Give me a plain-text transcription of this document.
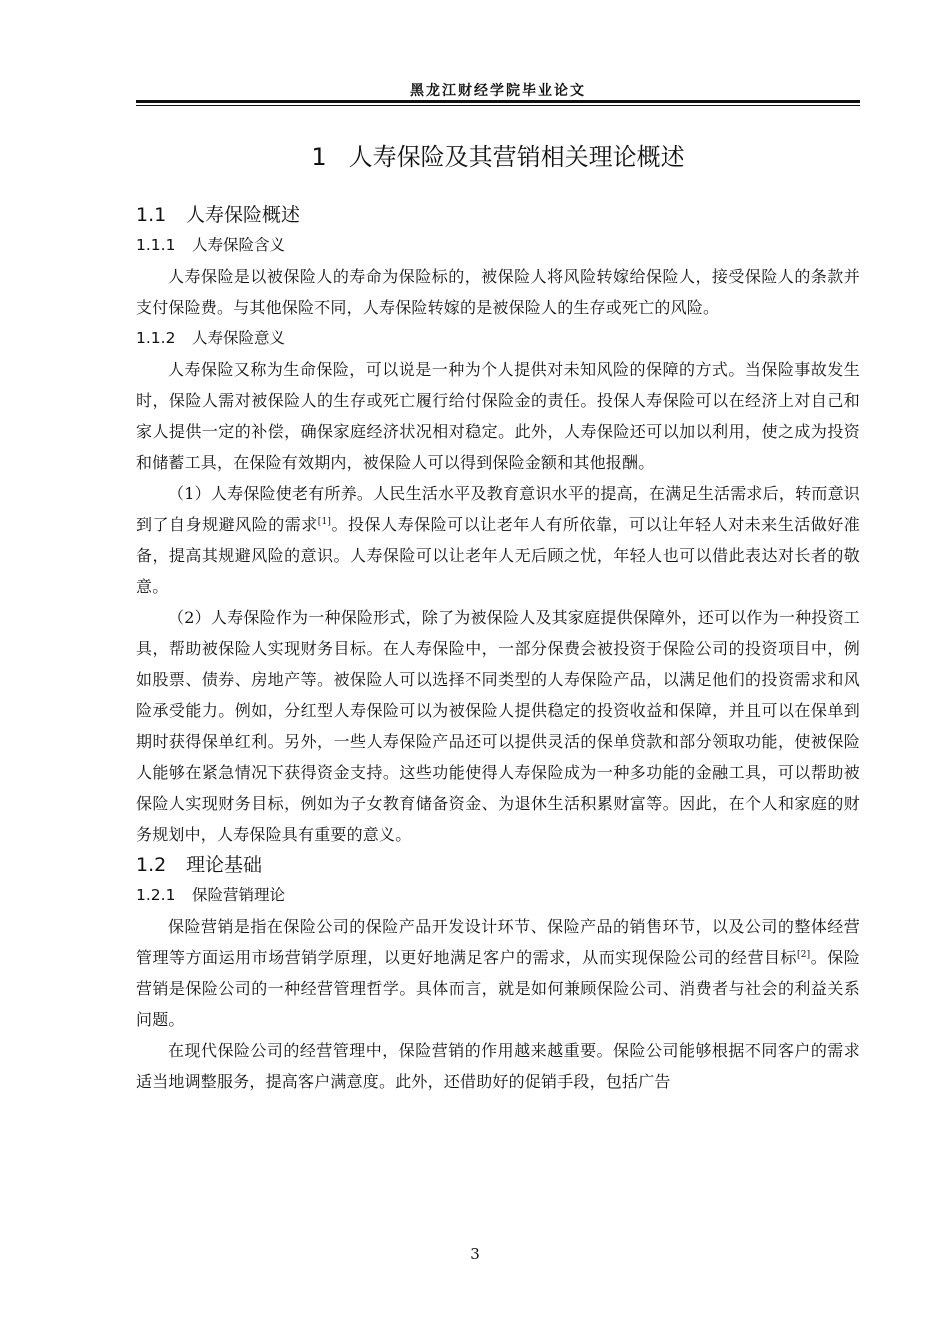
黑龙江财经学院毕业论文
1 人寿保险及其营销相关理论概述
1.1 人寿保险概述
1.1.1 人寿保险含义

人寿保险是以被保险人的寿命为保险标的，被保险人将风险转嫁给保险人，接受保险人的条款并支付保险费。与其他保险不同，人寿保险转嫁的是被保险人的生存或死亡的风险。

1.1.2 人寿保险意义

人寿保险又称为生命保险，可以说是一种为个人提供对未知风险的保障的方式。当保险事故发生时，保险人需对被保险人的生存或死亡履行给付保险金的责任。投保人寿保险可以在经济上对自己和家人提供一定的补偿，确保家庭经济状况相对稳定。此外，人寿保险还可以加以利用，使之成为投资和储蓄工具，在保险有效期内，被保险人可以得到保险金额和其他报酬。

（1）人寿保险使老有所养。人民生活水平及教育意识水平的提高，在满足生活需求后，转而意识到了自身规避风险的需求[1]。投保人寿保险可以让老年人有所依靠，可以让年轻人对未来生活做好准备，提高其规避风险的意识。人寿保险可以让老年人无后顾之忧，年轻人也可以借此表达对长者的敬意。

（2）人寿保险作为一种保险形式，除了为被保险人及其家庭提供保障外，还可以作为一种投资工具，帮助被保险人实现财务目标。在人寿保险中，一部分保费会被投资于保险公司的投资项目中，例如股票、债券、房地产等。被保险人可以选择不同类型的人寿保险产品，以满足他们的投资需求和风险承受能力。例如，分红型人寿保险可以为被保险人提供稳定的投资收益和保障，并且可以在保单到期时获得保单红利。另外，一些人寿保险产品还可以提供灵活的保单贷款和部分领取功能，使被保险人能够在紧急情况下获得资金支持。这些功能使得人寿保险成为一种多功能的金融工具，可以帮助被保险人实现财务目标，例如为子女教育储备资金、为退休生活积累财富等。因此，在个人和家庭的财务规划中，人寿保险具有重要的意义。

1.2 理论基础
1.2.1 保险营销理论

保险营销是指在保险公司的保险产品开发设计环节、保险产品的销售环节，以及公司的整体经营管理等方面运用市场营销学原理，以更好地满足客户的需求，从而实现保险公司的经营目标[2]。保险营销是保险公司的一种经营管理哲学。具体而言，就是如何兼顾保险公司、消费者与社会的利益关系问题。

在现代保险公司的经营管理中，保险营销的作用越来越重要。保险公司能够根据不同客户的需求适当地调整服务，提高客户满意度。此外，还借助好的促销手段，包括广告

3
